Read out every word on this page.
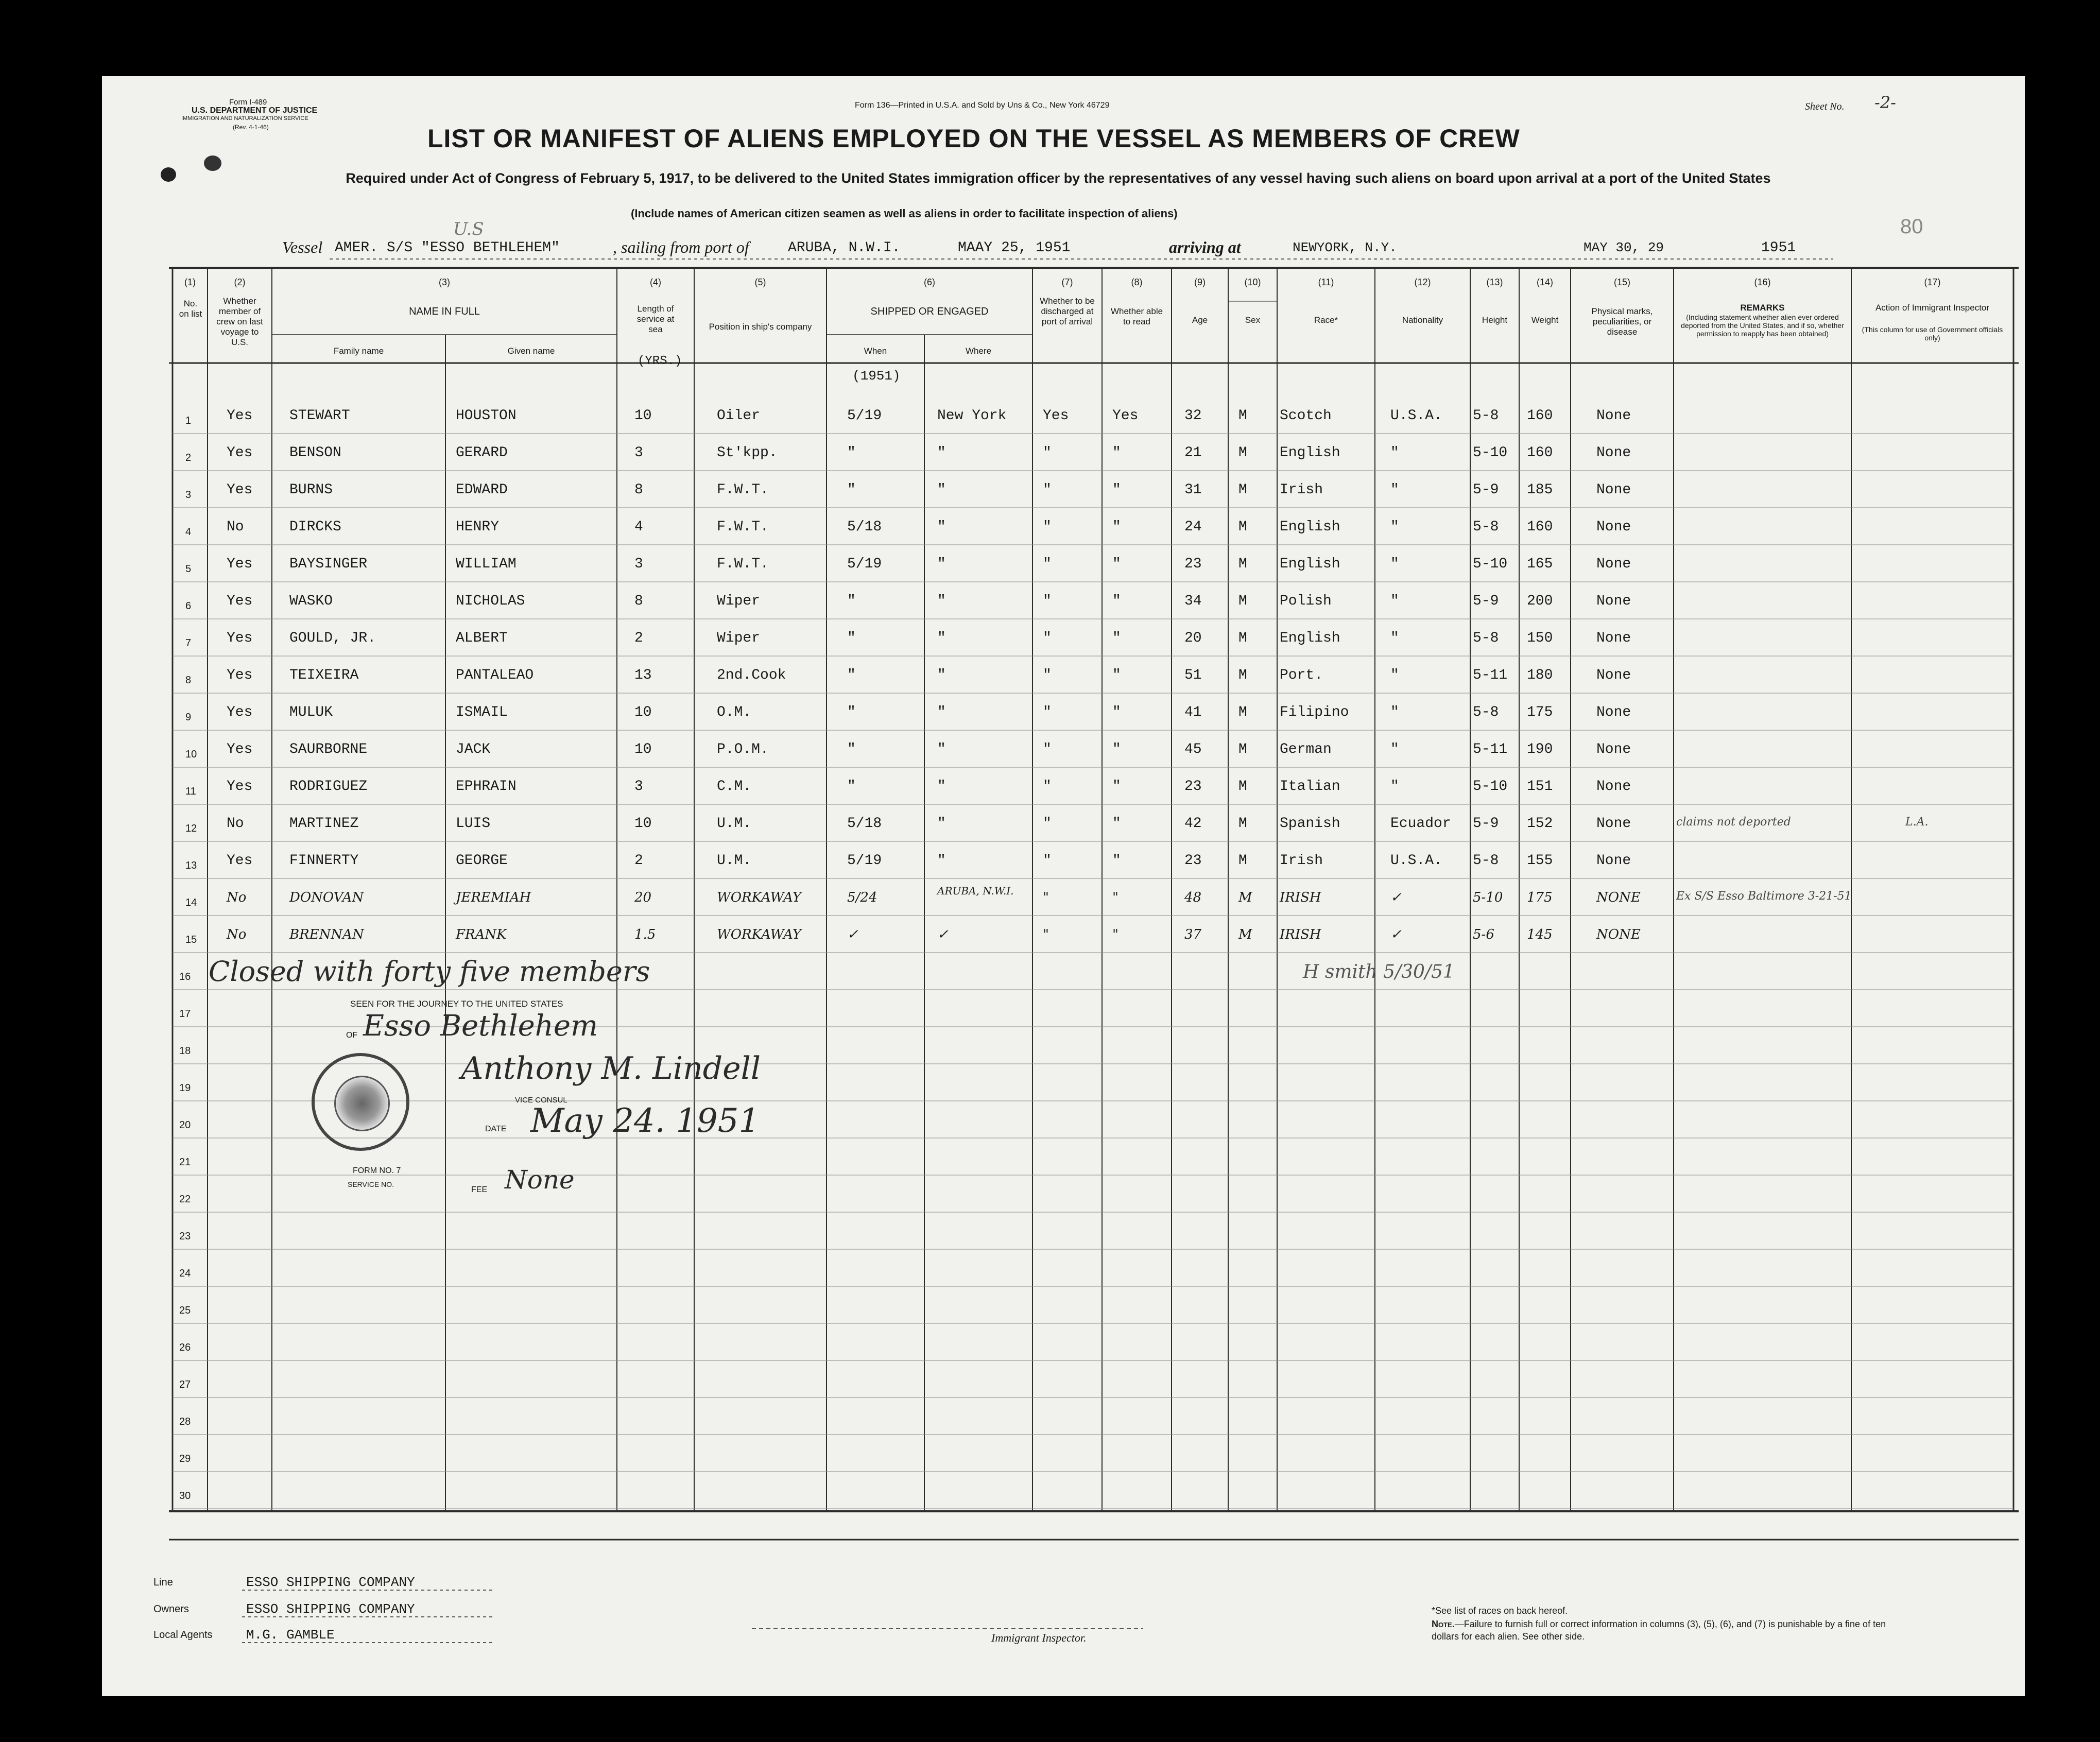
Form I-489
U.S. DEPARTMENT OF JUSTICE
IMMIGRATION AND NATURALIZATION SERVICE
(Rev. 4-1-46)
Form 136—Printed in U.S.A. and Sold by Uns & Co., New York 46729	Sheet No. -2-
LIST OR MANIFEST OF ALIENS EMPLOYED ON THE VESSEL AS MEMBERS OF CREW
Required under Act of Congress of February 5, 1917, to be delivered to the United States immigration officer by the representatives of any vessel having such aliens on board upon arrival at a port of the United States
(Include names of American citizen seamen as well as aliens in order to facilitate inspection of aliens)
80
U.S
Vessel AMER. S/S "ESSO BETHLEHEM"	, sailing from port of	ARUBA, N.W.I.	MAAY 25, 1951	arriving at	NEWYORK, N.Y.	MAY 30, 29	1951
(1)
No. on list
(2)
Whether member of crew on last voyage to U.S.
(3)
NAME IN FULL
Family name	Given name
(4)
Length of service at sea
(YRS.)
(5)
Position in ship's company
(6)
SHIPPED OR ENGAGED
When	Where
(1951)
(7)
Whether to be discharged at port of arrival
(8)
Whether able to read
(9)
Age
(10)
Sex
(11)
Race*
(12)
Nationality
(13)
Height
(14)
Weight
(15)
Physical marks, peculiarities, or disease
(16)
REMARKS
(Including statement whether alien ever ordered deported from the United States, and if so, whether permission to reapply has been obtained)
(17)
Action of Immigrant Inspector
(This column for use of Government officials only)
1 Yes	STEWART	HOUSTON	10	Oiler	5/19	New York	Yes	Yes	32	M Scotch	U.S.A. 5-8 160	None
2 Yes	BENSON	GERARD	3	St'kpp.	"	"	"	"	21	M English	"	5-10 160	None
3 Yes	BURNS	EDWARD	8	F.W.T.	"	"	"	"	31	M Irish	"	5-9 185	None
4 No	DIRCKS	HENRY	4	F.W.T.	5/18	"	"	"	24	M English	"	5-8 160	None
5 Yes	BAYSINGER	WILLIAM	3	F.W.T.	5/19	"	"	"	23	M English	"	5-10 165	None
6 Yes	WASKO	NICHOLAS	8	Wiper	"	"	"	"	34	M Polish	"	5-9 200	None
7 Yes	GOULD, JR.	ALBERT	2	Wiper	"	"	"	"	20	M English	"	5-8 150	None
8 Yes	TEIXEIRA	PANTALEAO	13	2nd.Cook	"	"	"	"	51	M Port.	"	5-11 180	None
9 Yes	MULUK	ISMAIL	10	O.M.	"	"	"	"	41	M Filipino	"	5-8 175	None
10 Yes	SAURBORNE	JACK	10	P.O.M.	"	"	"	"	45	M German	"	5-11 190	None
11 Yes	RODRIGUEZ	EPHRAIN	3	C.M.	"	"	"	"	23	M Italian	"	5-10 151	None
12 No	MARTINEZ	LUIS	10	U.M.	5/18	"	"	"	42	M Spanish	Ecuador 5-9 152	None	claims not deported	L.A.
13 Yes	FINNERTY	GEORGE	2	U.M.	5/19	"	"	"	23	M Irish	U.S.A. 5-8 155	None
14 No	DONOVAN	JEREMIAH	20	WORKAWAY	5/24	ARUBA, N.W.I. "	"	48	M IRISH	✓	5-10 175	NONE	Ex S/S Esso Baltimore 3-21-51
15 No	BRENNAN	FRANK	1.5	WORKAWAY	✓	✓	"	"	37	M IRISH	✓	5-6 145	NONE
16
17
18
19
20
21
22
23
24
25
26
27
28
29
30
Closed with forty five members	H smith 5/30/51
SEEN FOR THE JOURNEY TO THE UNITED STATES
OF Esso Bethlehem
Anthony M. Lindell
VICE CONSUL
DATE May 24. 1951
FORM NO. 7
SERVICE NO.
FEE None
Line	ESSO SHIPPING COMPANY
Owners	ESSO SHIPPING COMPANY
Local Agents	M.G. GAMBLE	Immigrant Inspector.
*See list of races on back hereof.
Note.—Failure to furnish full or correct information in columns (3), (5), (6), and (7) is punishable by a fine of ten dollars for each alien. See other side.
